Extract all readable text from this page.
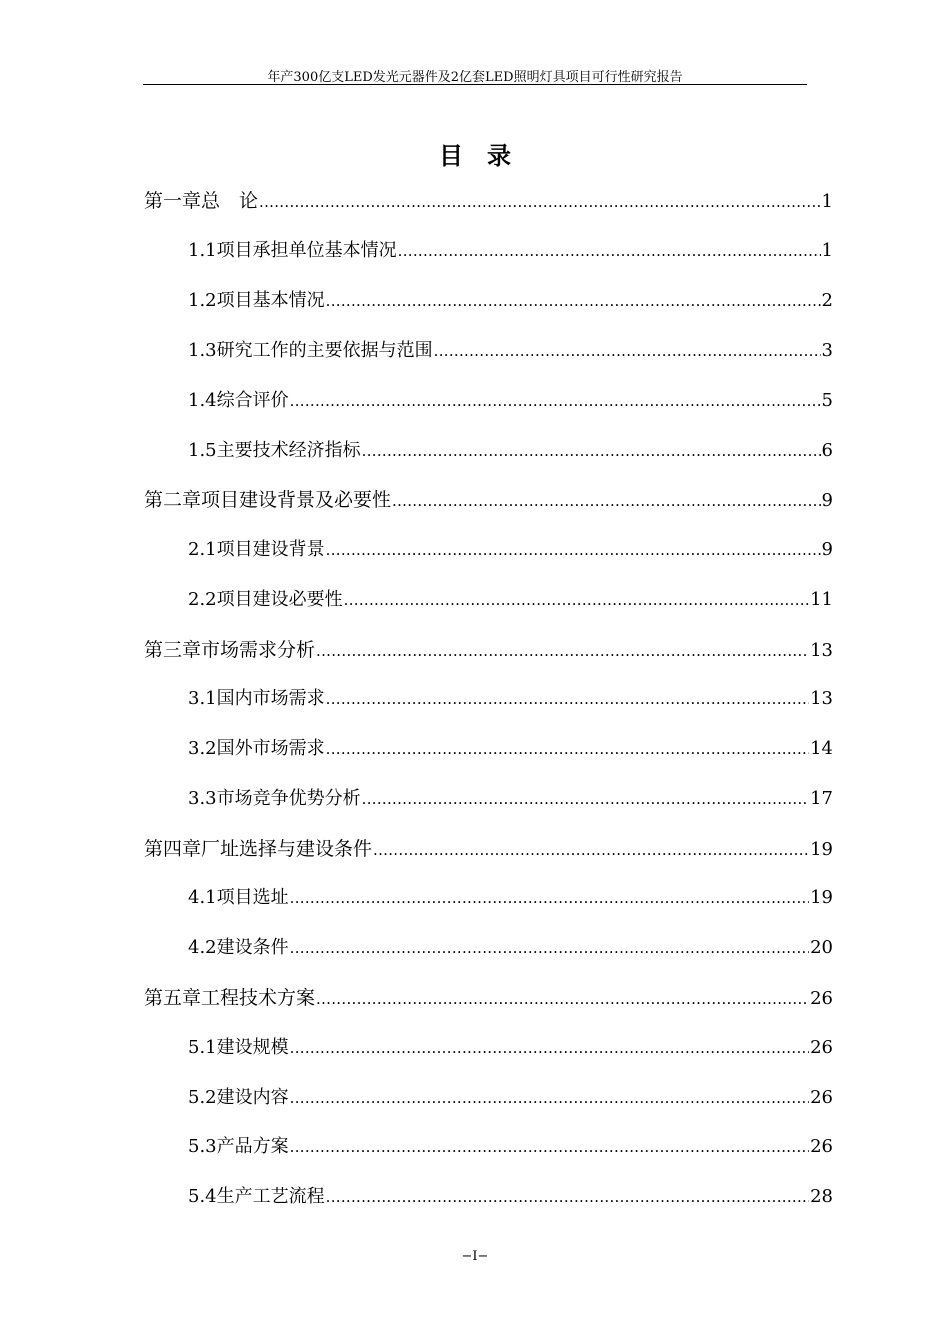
年产300亿支LED发光元器件及2亿套LED照明灯具项目可行性研究报告
目录
第一章 总　论 .....	1
1.1 项目承担单位基本情况 .....	1
1.2 项目基本情况 .....	2
1.3 研究工作的主要依据与范围 .....	3
1.4 综合评价 .....	5
1.5 主要技术经济指标 .....	6
第二章 项目建设背景及必要性 .....	9
2.1 项目建设背景 .....	9
2.2 项目建设必要性 .....	11
第三章 市场需求分析 .....	13
3.1 国内市场需求 .....	13
3.2 国外市场需求 .....	14
3.3 市场竞争优势分析 .....	17
第四章 厂址选择与建设条件 .....	19
4.1 项目选址 .....	19
4.2 建设条件 .....	20
第五章 工程技术方案 .....	26
5.1 建设规模 .....	26
5.2 建设内容 .....	26
5.3 产品方案 .....	26
5.4 生产工艺流程 .....	28
−I−
